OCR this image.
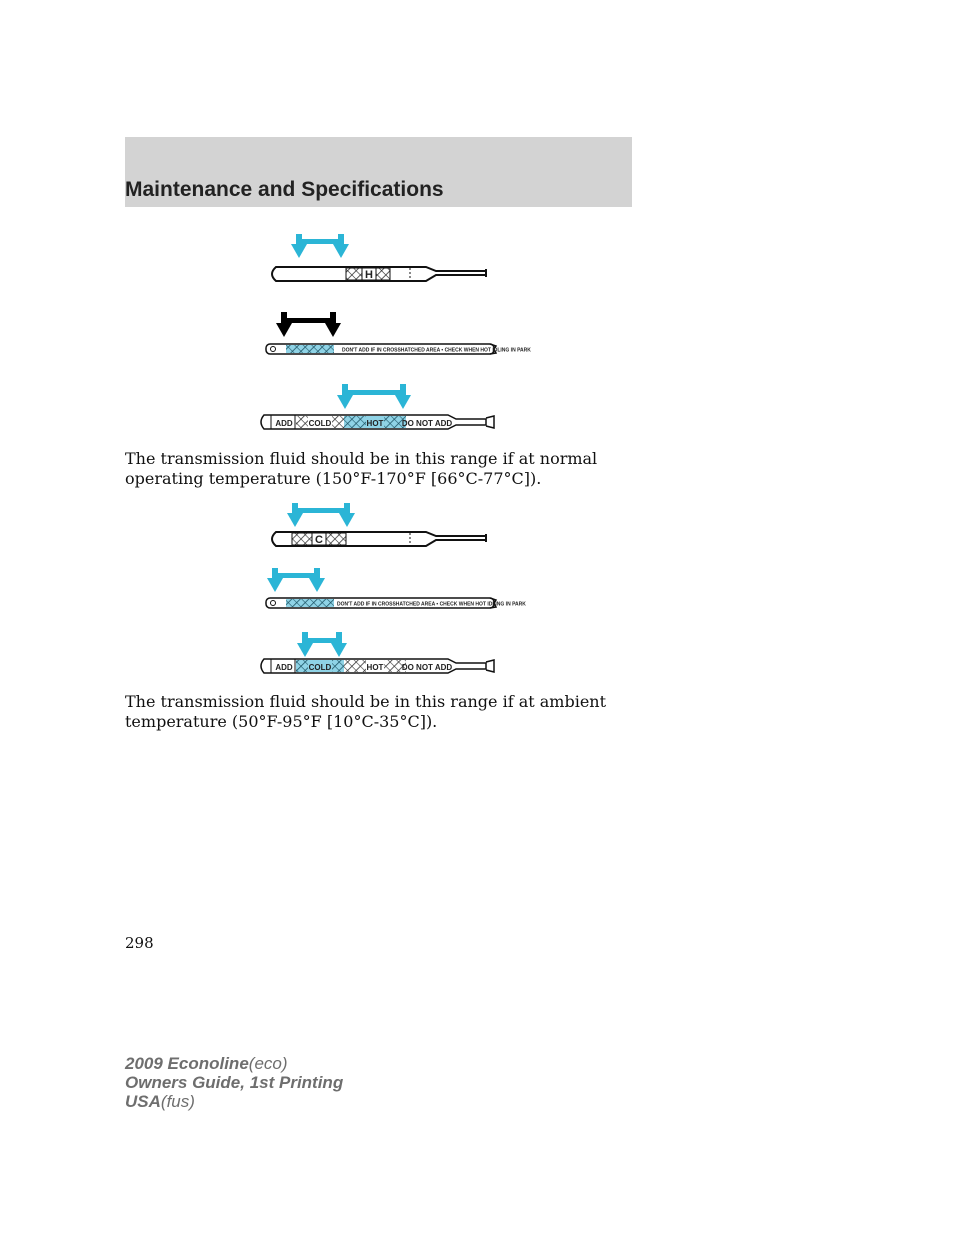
Maintenance and Specifications
H
DON'T ADD IF IN CROSSHATCHED AREA • CHECK WHEN HOT IDLING IN PARK
ADD COLD	HOT DO NOT ADD

The transmission fluid should be in this range if at normal operating temperature (150°F-170°F [66°C-77°C]).

C
DON'T ADD IF IN CROSSHATCHED AREA • CHECK WHEN HOT IDLING IN PARK
ADD COLD	HOT DO NOT ADD

The transmission fluid should be in this range if at ambient temperature (50°F-95°F [10°C-35°C]).

298
2009 Econoline(eco)
Owners Guide, 1st Printing
USA(fus)
